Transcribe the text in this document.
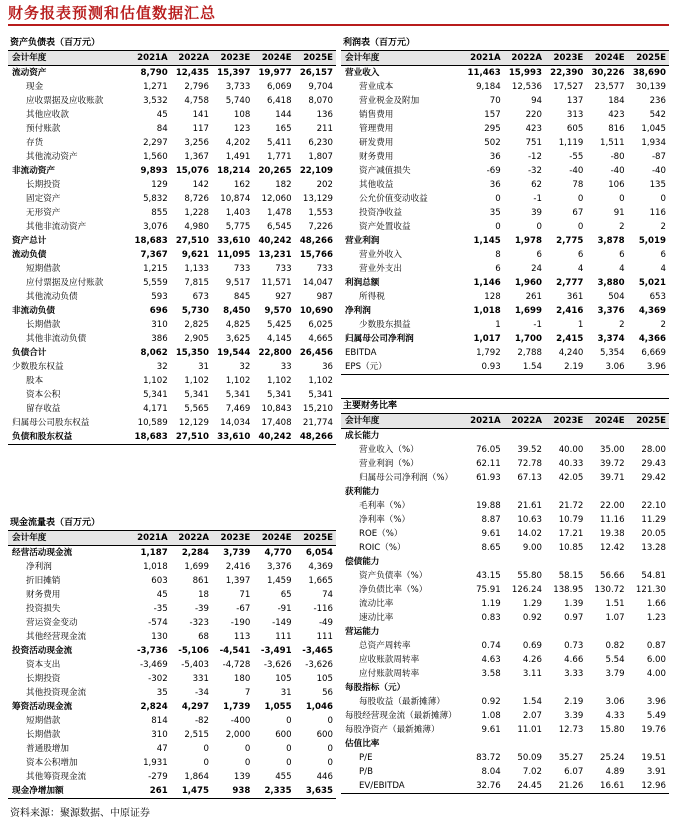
财务报表预测和估值数据汇总
资产负债表（百万元）
会计年度	2021A	2022A	2023E	2024E	2025E
流动资产	8,790	12,435	15,397	19,977	26,157
现金	1,271	2,796	3,733	6,069	9,704
应收票据及应收账款	3,532	4,758	5,740	6,418	8,070
其他应收款	45	141	108	144	136
预付账款	84	117	123	165	211
存货	2,297	3,256	4,202	5,411	6,230
其他流动资产	1,560	1,367	1,491	1,771	1,807
非流动资产	9,893	15,076	18,214	20,265	22,109
长期投资	129	142	162	182	202
固定资产	5,832	8,726	10,874	12,060	13,129
无形资产	855	1,228	1,403	1,478	1,553
其他非流动资产	3,076	4,980	5,775	6,545	7,226
资产总计	18,683	27,510	33,610	40,242	48,266
流动负债	7,367	9,621	11,095	13,231	15,766
短期借款	1,215	1,133	733	733	733
应付票据及应付账款	5,559	7,815	9,517	11,571	14,047
其他流动负债	593	673	845	927	987
非流动负债	696	5,730	8,450	9,570	10,690
长期借款	310	2,825	4,825	5,425	6,025
其他非流动负债	386	2,905	3,625	4,145	4,665
负债合计	8,062	15,350	19,544	22,800	26,456
少数股东权益	32	31	32	33	36
股本	1,102	1,102	1,102	1,102	1,102
资本公积	5,341	5,341	5,341	5,341	5,341
留存收益	4,171	5,565	7,469	10,843	15,210
归属母公司股东权益	10,589	12,129	14,034	17,408	21,774
负债和股东权益	18,683	27,510	33,610	40,242	48,266
现金流量表（百万元）
会计年度	2021A	2022A	2023E	2024E	2025E
经营活动现金流	1,187	2,284	3,739	4,770	6,054
净利润	1,018	1,699	2,416	3,376	4,369
折旧摊销	603	861	1,397	1,459	1,665
财务费用	45	18	71	65	74
投资损失	-35	-39	-67	-91	-116
营运资金变动	-574	-323	-190	-149	-49
其他经营现金流	130	68	113	111	111
投资活动现金流	-3,736	-5,106	-4,541	-3,491	-3,465
资本支出	-3,469	-5,403	-4,728	-3,626	-3,626
长期投资	-302	331	180	105	105
其他投资现金流	35	-34	7	31	56
筹资活动现金流	2,824	4,297	1,739	1,055	1,046
短期借款	814	-82	-400	0	0
长期借款	310	2,515	2,000	600	600
普通股增加	47	0	0	0	0
资本公积增加	1,931	0	0	0	0
其他筹资现金流	-279	1,864	139	455	446
现金净增加额	261	1,475	938	2,335	3,635
利润表（百万元）
会计年度	2021A	2022A	2023E	2024E	2025E
营业收入	11,463	15,993	22,390	30,226	38,690
营业成本	9,184	12,536	17,527	23,577	30,139
营业税金及附加	70	94	137	184	236
销售费用	157	220	313	423	542
管理费用	295	423	605	816	1,045
研发费用	502	751	1,119	1,511	1,934
财务费用	36	-12	-55	-80	-87
资产减值损失	-69	-32	-40	-40	-40
其他收益	36	62	78	106	135
公允价值变动收益	0	-1	0	0	0
投资净收益	35	39	67	91	116
资产处置收益	0	0	0	2	2
营业利润	1,145	1,978	2,775	3,878	5,019
营业外收入	8	6	6	6	6
营业外支出	6	24	4	4	4
利润总额	1,146	1,960	2,777	3,880	5,021
所得税	128	261	361	504	653
净利润	1,018	1,699	2,416	3,376	4,369
少数股东损益	1	-1	1	2	2
归属母公司净利润	1,017	1,700	2,415	3,374	4,366
EBITDA	1,792	2,788	4,240	5,354	6,669
EPS（元）	0.93	1.54	2.19	3.06	3.96
主要财务比率
会计年度	2021A	2022A	2023E	2024E	2025E
成长能力					
营业收入（%）	76.05	39.52	40.00	35.00	28.00
营业利润（%）	62.11	72.78	40.33	39.72	29.43
归属母公司净利润（%）	61.93	67.13	42.05	39.71	29.42
获利能力					
毛利率（%）	19.88	21.61	21.72	22.00	22.10
净利率（%）	8.87	10.63	10.79	11.16	11.29
ROE（%）	9.61	14.02	17.21	19.38	20.05
ROIC（%）	8.65	9.00	10.85	12.42	13.28
偿债能力					
资产负债率（%）	43.15	55.80	58.15	56.66	54.81
净负债比率（%）	75.91	126.24	138.95	130.72	121.30
流动比率	1.19	1.29	1.39	1.51	1.66
速动比率	0.83	0.92	0.97	1.07	1.23
营运能力					
总资产周转率	0.74	0.69	0.73	0.82	0.87
应收账款周转率	4.63	4.26	4.66	5.54	6.00
应付账款周转率	3.58	3.11	3.33	3.79	4.00
每股指标（元）					
每股收益（最新摊薄）	0.92	1.54	2.19	3.06	3.96
每股经营现金流（最新摊薄）	1.08	2.07	3.39	4.33	5.49
每股净资产（最新摊薄）	9.61	11.01	12.73	15.80	19.76
估值比率					
P/E	83.72	50.09	35.27	25.24	19.51
P/B	8.04	7.02	6.07	4.89	3.91
EV/EBITDA	32.76	24.45	21.26	16.61	12.96
资料来源：聚源数据、中原证券
